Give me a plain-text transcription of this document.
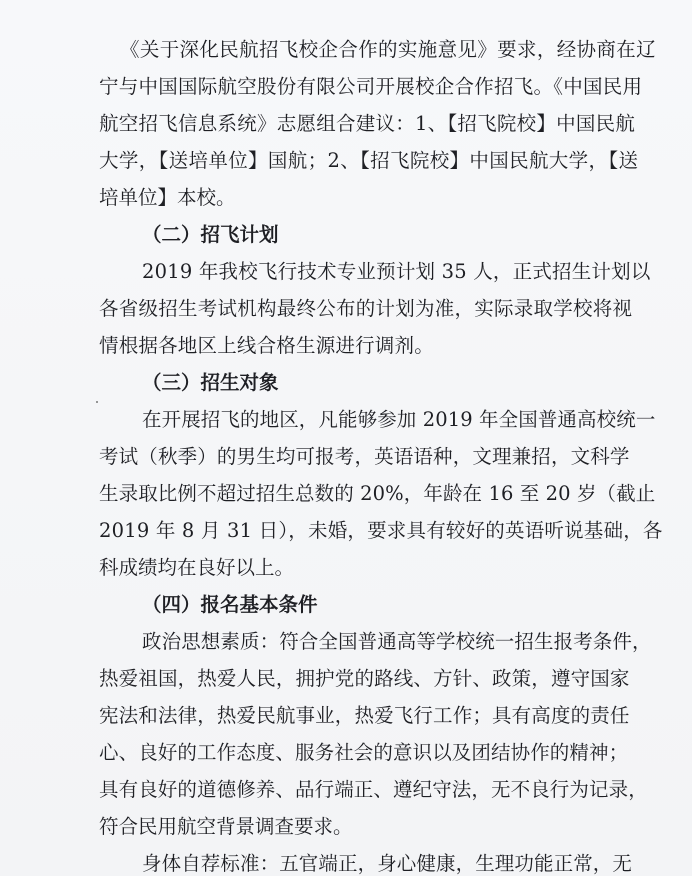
《关于深化民航招飞校企合作的实施意见》要求，经协商在辽
宁与中国国际航空股份有限公司开展校企合作招飞。《中国民用
航空招飞信息系统》志愿组合建议：1、【招飞院校】中国民航
大学，【送培单位】国航；2、【招飞院校】中国民航大学，【送
培单位】本校。
（二）招飞计划
2019 年我校飞行技术专业预计划 35 人，正式招生计划以
各省级招生考试机构最终公布的计划为准，实际录取学校将视
情根据各地区上线合格生源进行调剂。
（三）招生对象
在开展招飞的地区，凡能够参加 2019 年全国普通高校统一
考试（秋季）的男生均可报考，英语语种，文理兼招，文科学
生录取比例不超过招生总数的 20%，年龄在 16 至 20 岁（截止
2019 年 8 月 31 日），未婚，要求具有较好的英语听说基础，各
科成绩均在良好以上。
（四）报名基本条件
政治思想素质：符合全国普通高等学校统一招生报考条件，
热爱祖国，热爱人民，拥护党的路线、方针、政策，遵守国家
宪法和法律，热爱民航事业，热爱飞行工作；具有高度的责任
心、良好的工作态度、服务社会的意识以及团结协作的精神；
具有良好的道德修养、品行端正、遵纪守法，无不良行为记录，
符合民用航空背景调查要求。
身体自荐标准：五官端正，身心健康，生理功能正常，无
